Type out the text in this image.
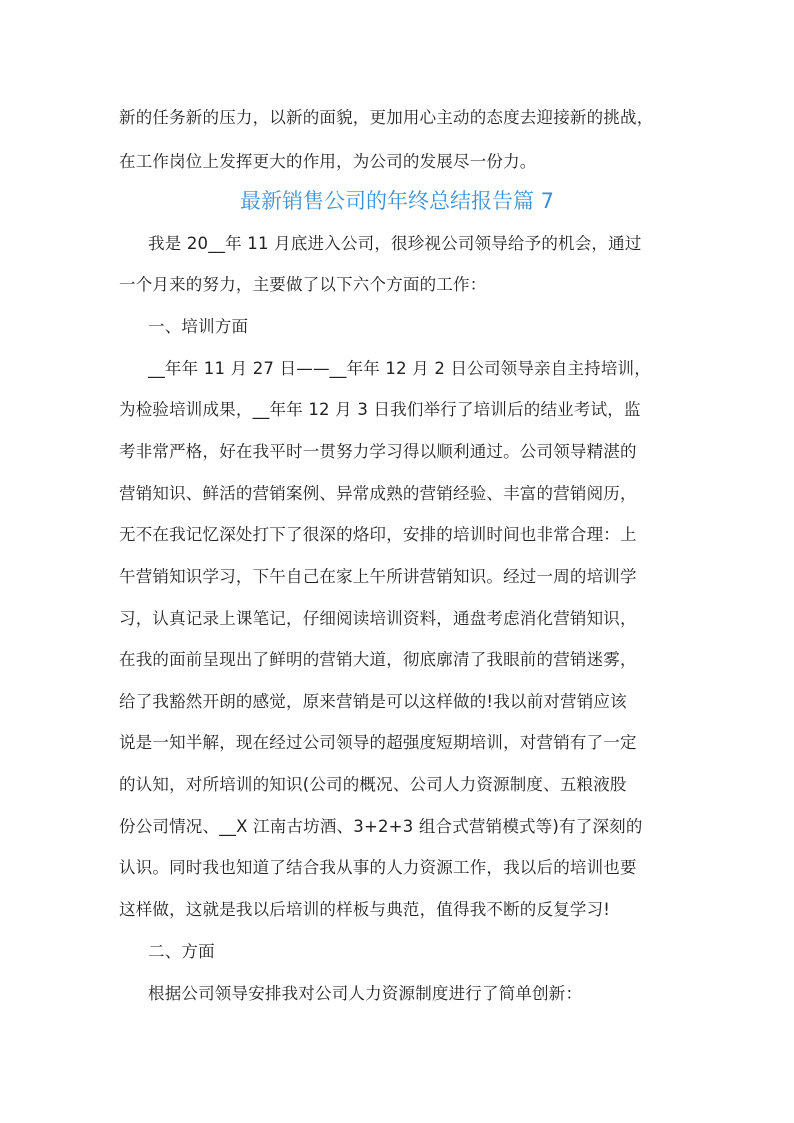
新的任务新的压力，以新的面貌，更加用心主动的态度去迎接新的挑战，
在工作岗位上发挥更大的作用，为公司的发展尽一份力。
最新销售公司的年终总结报告篇 7
我是 20__年 11 月底进入公司，很珍视公司领导给予的机会，通过
一个月来的努力，主要做了以下六个方面的工作：
一、培训方面
__年年 11 月 27 日——__年年 12 月 2 日公司领导亲自主持培训，
为检验培训成果，__年年 12 月 3 日我们举行了培训后的结业考试，监
考非常严格，好在我平时一贯努力学习得以顺利通过。公司领导精湛的
营销知识、鲜活的营销案例、异常成熟的营销经验、丰富的营销阅历，
无不在我记忆深处打下了很深的烙印，安排的培训时间也非常合理：上
午营销知识学习，下午自己在家上午所讲营销知识。经过一周的培训学
习，认真记录上课笔记，仔细阅读培训资料，通盘考虑消化营销知识，
在我的面前呈现出了鲜明的营销大道，彻底廓清了我眼前的营销迷雾，
给了我豁然开朗的感觉，原来营销是可以这样做的!我以前对营销应该
说是一知半解，现在经过公司领导的超强度短期培训，对营销有了一定
的认知，对所培训的知识(公司的概况、公司人力资源制度、五粮液股
份公司情况、__X 江南古坊酒、3+2+3 组合式营销模式等)有了深刻的
认识。同时我也知道了结合我从事的人力资源工作，我以后的培训也要
这样做，这就是我以后培训的样板与典范，值得我不断的反复学习!
二、方面
根据公司领导安排我对公司人力资源制度进行了简单创新：
